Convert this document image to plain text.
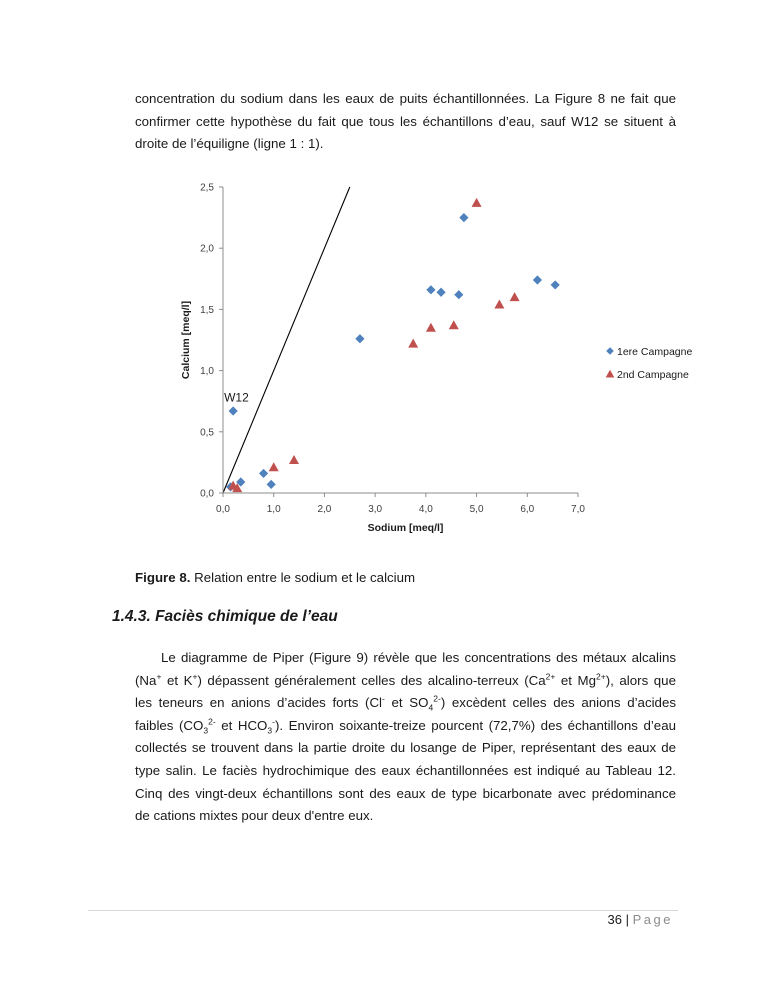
concentration du sodium dans les eaux de puits échantillonnées. La Figure 8 ne fait que
confirmer cette hypothèse du fait que tous les échantillons d’eau, sauf W12 se situent à
droite de l’équiligne (ligne 1 : 1).
0,0
0,5
1,0
1,5
2,0
2,5
0,0	1,0	2,0	3,0	4,0	5,0	6,0	7,0
Sodium [meq/l]
Calcium [meq/l]
W12
1ere Campagne
2nd Campagne
Figure 8. Relation entre le sodium et le calcium
1.4.3. Faciès chimique de l’eau
Le diagramme de Piper (Figure 9) révèle que les concentrations des métaux alcalins
(Na+ et K+) dépassent généralement celles des alcalino-terreux ($Ca^{2+}$ et $Mg^{2+}$), alors que
les teneurs en anions d’acides forts (Cl- et $SO_4^{2-}$) excèdent celles des anions d’acides
faibles ($CO_3^{2-}$ et $HCO_3^-$). Environ soixante-treize pourcent (72,7%) des échantillons d’eau
collectés se trouvent dans la partie droite du losange de Piper, représentant des eaux de
type salin. Le faciès hydrochimique des eaux échantillonnées est indiqué au Tableau 12.
Cinq des vingt-deux échantillons sont des eaux de type bicarbonate avec prédominance
de cations mixtes pour deux d'entre eux.
36 | Page
